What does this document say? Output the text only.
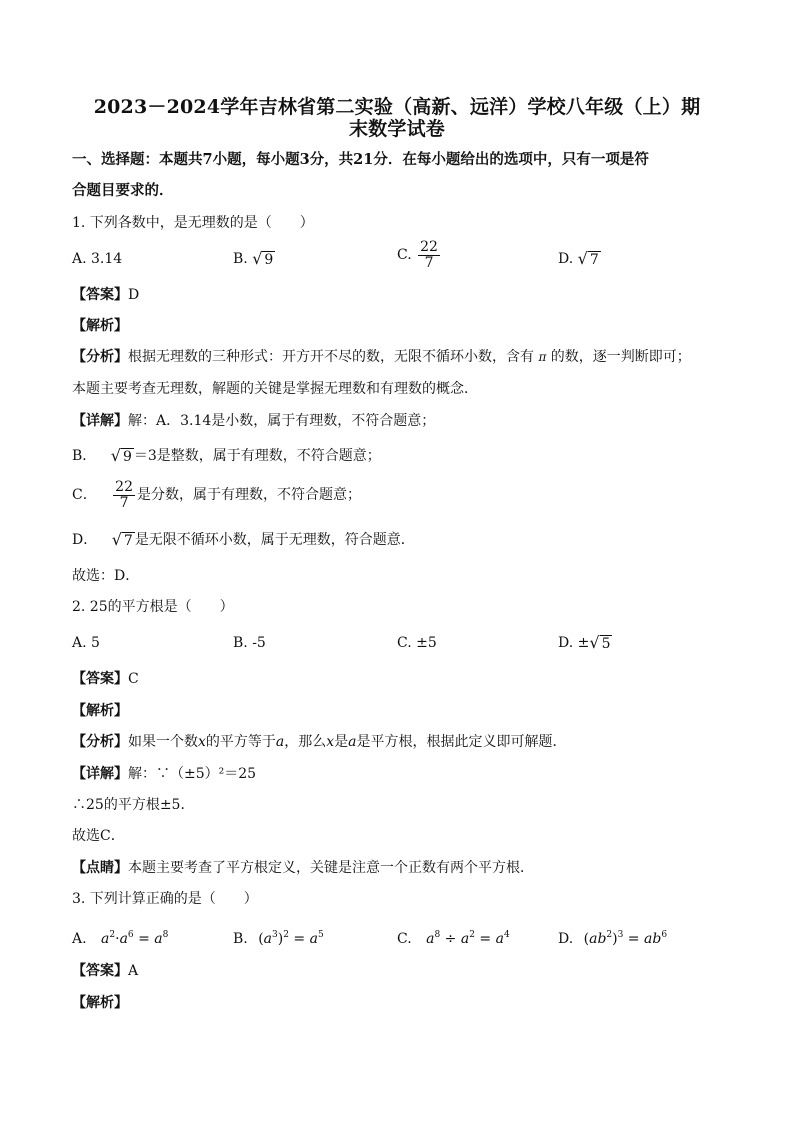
2023－2024学年吉林省第二实验（高新、远洋）学校八年级（上）期
末数学试卷
一、选择题：本题共7小题，每小题3分，共21分．在每小题给出的选项中，只有一项是符
合题目要求的．
1. 下列各数中，是无理数的是（　　）
A. 3.14	B. √ 9	C. $\frac{22}{7}$	D. √ 7
【答案】D
【解析】
【分析】根据无理数的三种形式：开方开不尽的数，无限不循环小数，含有 π 的数，逐一判断即可；
本题主要考查无理数，解题的关键是掌握无理数和有理数的概念．
【详解】解：A．3.14是小数，属于有理数，不符合题意；
B． √ 9 ＝3是整数，属于有理数，不符合题意；
C． $\frac{22}{7}$ 是分数，属于有理数，不符合题意；
D． √ 7 是无限不循环小数，属于无理数，符合题意．
故选：D．
2. 25的平方根是（　　）
A. 5	B. -5	C. ±5	D. ± √ 5
【答案】C
【解析】
【分析】如果一个数x的平方等于a，那么x是a是平方根，根据此定义即可解题．
【详解】解：∵（±5）²＝25
∴25的平方根±5．
故选C．
【点睛】本题主要考查了平方根定义，关键是注意一个正数有两个平方根．
3. 下列计算正确的是（　　）
A. $a^2\cdot a^6 = a^8$	B. $(a^3)^2 = a^5$	C. $a^8 \div a^2 = a^4$	D. $(ab^2)^3 = ab^6$
【答案】A
【解析】
